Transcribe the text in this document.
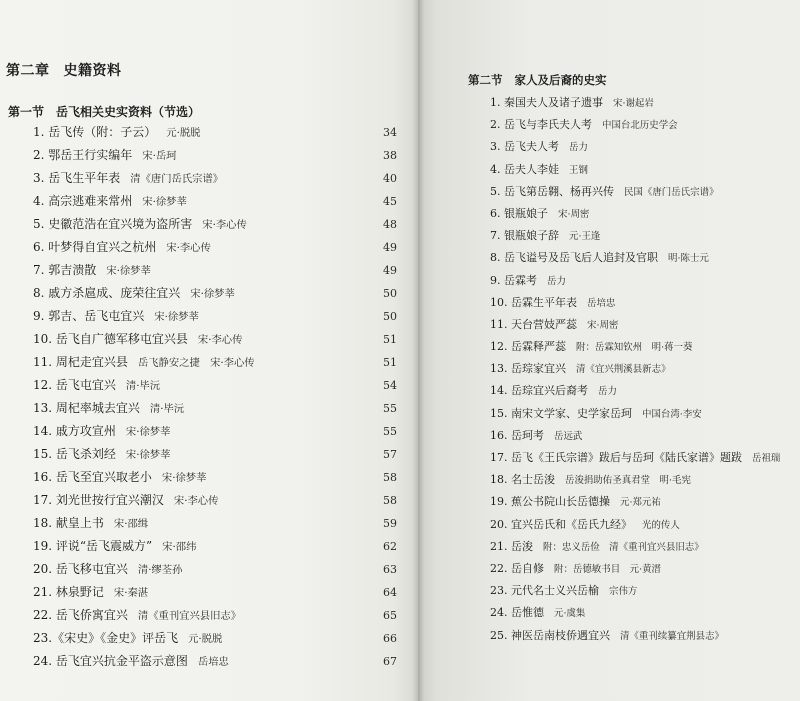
第二章 史籍资料
第一节 岳飞相关史实资料（节选）
1. 岳飞传（附：子云） 元·脱脱	34
2. 鄂岳王行实编年 宋·岳珂	38
3. 岳飞生平年表 清《唐门岳氏宗谱》	40
4. 高宗逃难来常州 宋·徐梦莘	45
5. 史徽范浩在宜兴境为盗所害 宋·李心传	48
6. 叶梦得自宜兴之杭州 宋·李心传	49
7. 郭吉溃散 宋·徐梦莘	49
8. 戚方杀扈成、庞荣往宜兴 宋·徐梦莘	50
9. 郭吉、岳飞屯宜兴 宋·徐梦莘	50
10. 岳飞自广德军移屯宜兴县 宋·李心传	51
11. 周杞走宜兴县 岳飞静安之捷　宋·李心传	51
12. 岳飞屯宜兴 清·毕沅	54
13. 周杞率城去宜兴 清·毕沅	55
14. 戚方攻宣州 宋·徐梦莘	55
15. 岳飞杀刘经 宋·徐梦莘	57
16. 岳飞至宜兴取老小 宋·徐梦莘	58
17. 刘光世按行宜兴潮汉 宋·李心传	58
18. 献皇上书 宋·邵缉	59
19. 评说“岳飞震威方” 宋·邵纬	62
20. 岳飞移屯宜兴 清·缪荃孙	63
21. 林泉野记 宋·秦湛	64
22. 岳飞侨寓宜兴 清《重刊宜兴县旧志》	65
23.《宋史》《金史》评岳飞 元·脱脱	66
24. 岳飞宜兴抗金平盗示意图 岳培忠	67
第二节 家人及后裔的史实
1. 秦国夫人及诸子遗事 宋·谢起岩
2. 岳飞与李氏夫人考 中国台北历史学会
3. 岳飞夫人考 岳力
4. 岳夫人李娃 王钢
5. 岳飞第岳翱、杨再兴传 民国《唐门岳氏宗谱》
6. 银瓶娘子 宋·周密
7. 银瓶娘子辞 元·王逢
8. 岳飞谥号及岳飞后人追封及官职 明·陈士元
9. 岳霖考 岳力
10. 岳霖生平年表 岳培忠
11. 天台营妓严蕊 宋·周密
12. 岳霖释严蕊 附：岳霖知钦州　明·蒋一葵
13. 岳琮家宜兴 清《宜兴荆溪县新志》
14. 岳琮宜兴后裔考 岳力
15. 南宋文学家、史学家岳珂 中国台湾·李安
16. 岳珂考 岳远武
17. 岳飞《王氏宗谱》跋后与岳珂《陆氏家谱》题跋 岳祖瑞
18. 名士岳浚 岳浚捐助佑圣真君堂　明·毛宪
19. 蕉公书院山长岳德操 元·郑元祐
20. 宜兴岳氏和《岳氏九经》 光的传人
21. 岳浚 附：忠义岳俭　清《重刊宜兴县旧志》
22. 岳自修 附：岳德敏书目　元·黄溍
23. 元代名士义兴岳榆 宗伟方
24. 岳惟德 元·虞集
25. 神医岳南枝侨遇宜兴 清《重刊续纂宜荆县志》
